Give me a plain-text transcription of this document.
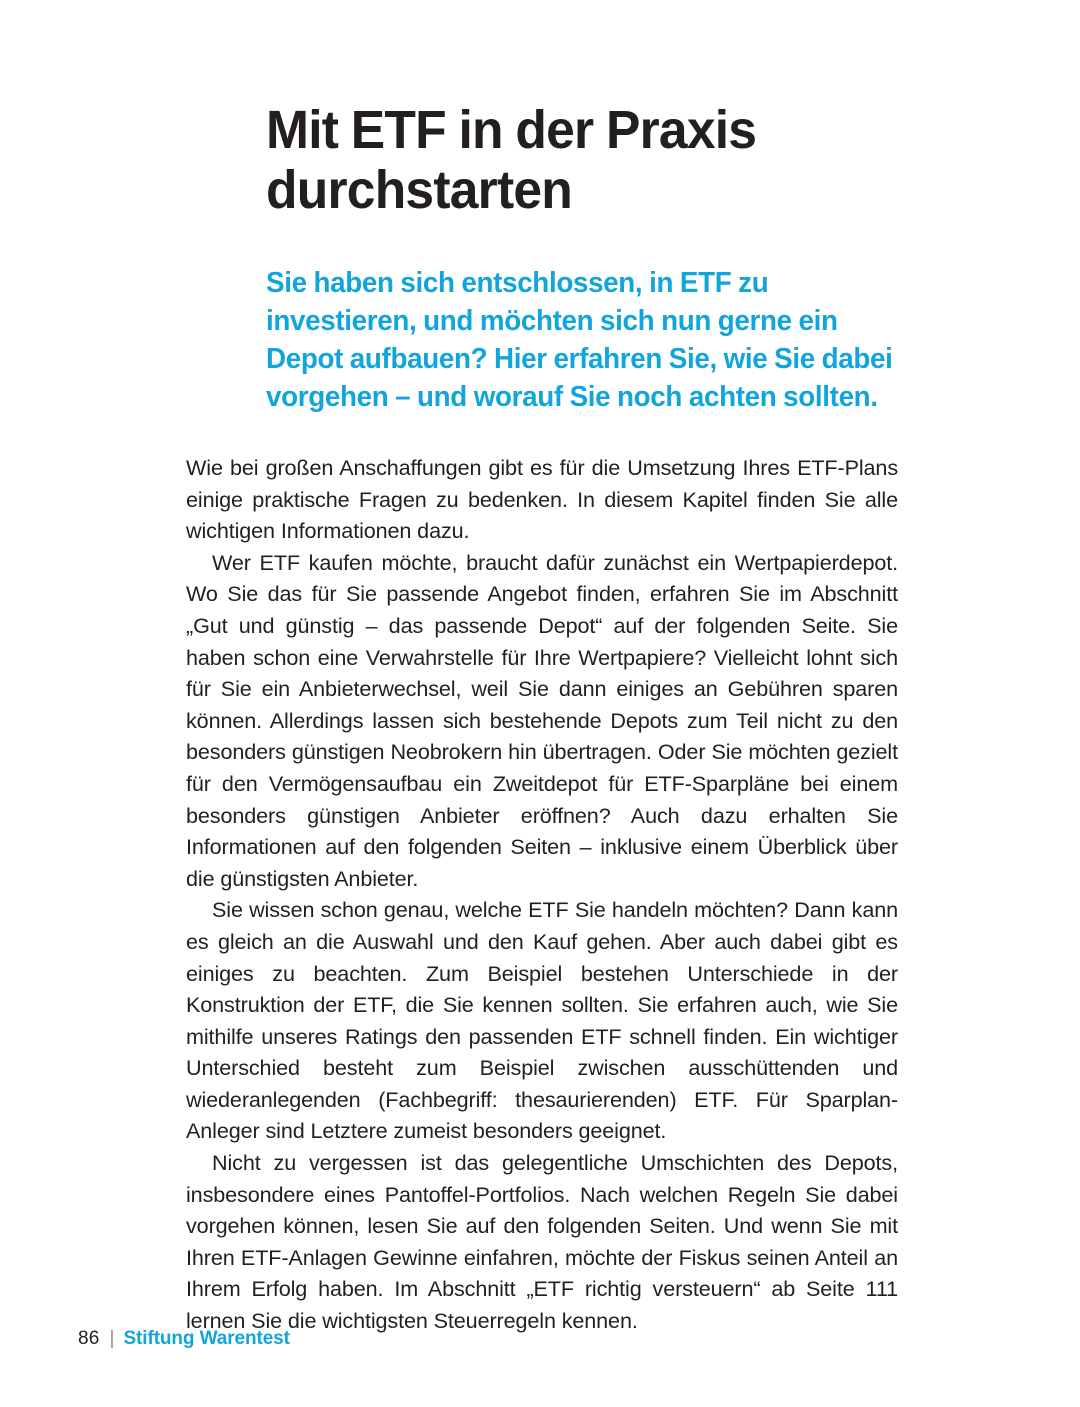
Mit ETF in der Praxis durchstarten

Sie haben sich entschlossen, in ETF zu investieren, und möchten sich nun gerne ein Depot aufbauen? Hier erfahren Sie, wie Sie dabei vorgehen – und worauf Sie noch achten sollten.

Wie bei großen Anschaffungen gibt es für die Umsetzung Ihres ETF-Plans einige praktische Fragen zu bedenken. In diesem Kapitel finden Sie alle wichtigen Informationen dazu.

Wer ETF kaufen möchte, braucht dafür zunächst ein Wertpapierdepot. Wo Sie das für Sie passende Angebot finden, erfahren Sie im Abschnitt „Gut und günstig – das passende Depot“ auf der folgenden Seite. Sie haben schon eine Verwahrstelle für Ihre Wertpapiere? Vielleicht lohnt sich für Sie ein Anbieterwechsel, weil Sie dann einiges an Gebühren sparen können. Allerdings lassen sich bestehende Depots zum Teil nicht zu den besonders günstigen Neobrokern hin übertragen. Oder Sie möchten gezielt für den Vermögensaufbau ein Zweitdepot für ETF-Sparpläne bei einem besonders günstigen Anbieter eröffnen? Auch dazu erhalten Sie Informationen auf den folgenden Seiten – inklusive einem Überblick über die günstigsten Anbieter.

Sie wissen schon genau, welche ETF Sie handeln möchten? Dann kann es gleich an die Auswahl und den Kauf gehen. Aber auch dabei gibt es einiges zu beachten. Zum Beispiel bestehen Unterschiede in der Konstruktion der ETF, die Sie kennen sollten. Sie erfahren auch, wie Sie mithilfe unseres Ratings den passenden ETF schnell finden. Ein wichtiger Unterschied besteht zum Beispiel zwischen ausschüttenden und wiederanlegenden (Fachbegriff: thesaurierenden) ETF. Für Sparplan-Anleger sind Letztere zumeist besonders geeignet.

Nicht zu vergessen ist das gelegentliche Umschichten des Depots, insbesondere eines Pantoffel-Portfolios. Nach welchen Regeln Sie dabei vorgehen können, lesen Sie auf den folgenden Seiten. Und wenn Sie mit Ihren ETF-Anlagen Gewinne einfahren, möchte der Fiskus seinen Anteil an Ihrem Erfolg haben. Im Abschnitt „ETF richtig versteuern“ ab Seite 111 lernen Sie die wichtigsten Steuerregeln kennen.

86 | Stiftung Warentest
